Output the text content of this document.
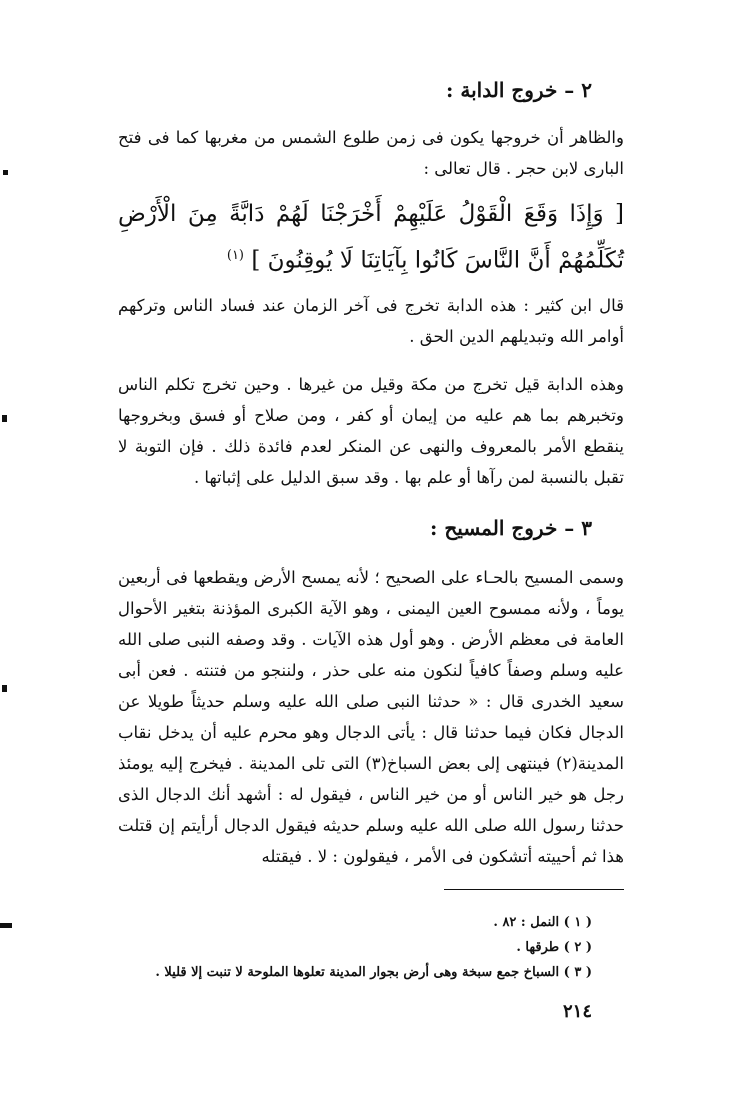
٢ – خروج الدابة :
والظاهر أن خروجها يكون فى زمن طلوع الشمس من مغربها كما فى فتح البارى لابن حجر . قال تعالى :
[ وَإِذَا وَقَعَ الْقَوْلُ عَلَيْهِمْ أَخْرَجْنَا لَهُمْ دَابَّةً مِنَ الْأَرْضِ تُكَلِّمُهُمْ أَنَّ النَّاسَ كَانُوا بِآيَاتِنَا لَا يُوقِنُونَ ] $^{(١)}$
قال ابن كثير : هذه الدابة تخرج فى آخر الزمان عند فساد الناس وتركهم أوامر الله وتبديلهم الدين الحق .
وهذه الدابة قيل تخرج من مكة وقيل من غيرها . وحين تخرج تكلم الناس وتخبرهم بما هم عليه من إيمان أو كفر ، ومن صلاح أو فسق وبخروجها ينقطع الأمر بالمعروف والنهى عن المنكر لعدم فائدة ذلك . فإن التوبة لا تقبل بالنسبة لمن رآها أو علم بها . وقد سبق الدليل على إثباتها .
٣ – خروج المسيح :
وسمى المسيح بالحـاء على الصحيح ؛ لأنه يمسح الأرض ويقطعها فى أربعين يوماً ، ولأنه ممسوح العين اليمنى ، وهو الآية الكبرى المؤذنة بتغير الأحوال العامة فى معظم الأرض . وهو أول هذه الآيات . وقد وصفه النبى صلى الله عليه وسلم وصفاً كافياً لنكون منه على حذر ، ولننجو من فتنته . فعن أبى سعيد الخدرى قال : « حدثنا النبى صلى الله عليه وسلم حديثاً طويلا عن الدجال فكان فيما حدثنا قال : يأتى الدجال وهو محرم عليه أن يدخل نقاب المدينة(٢) فينتهى إلى بعض السباخ(٣) التى تلى المدينة . فيخرج إليه يومئذ رجل هو خير الناس أو من خير الناس ، فيقول له : أشهد أنك الدجال الذى حدثنا رسول الله صلى الله عليه وسلم حديثه فيقول الدجال أرأيتم إن قتلت هذا ثم أحييته أتشكون فى الأمر ، فيقولون : لا . فيقتله
( ١ ) النمل : ٨٢ .
( ٢ ) طرقها .
( ٣ ) السباخ جمع سبخة وهى أرض بجوار المدينة تعلوها الملوحة لا تنبت إلا قليلا .
٢١٤
